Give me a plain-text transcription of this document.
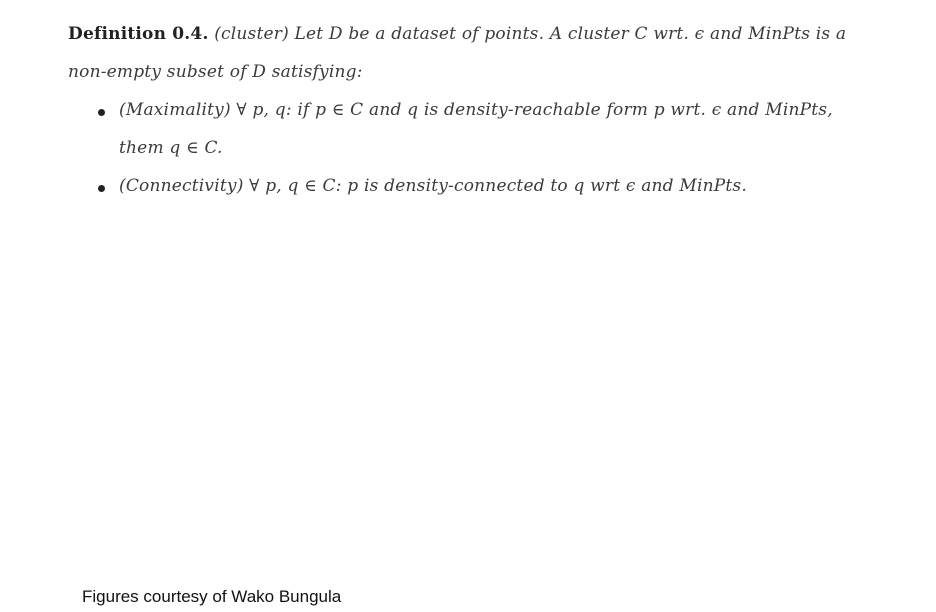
Definition 0.4. (cluster) Let D be a dataset of points. A cluster C wrt. ϵ and MinPts is a
non-empty subset of D satisfying:
(Maximality) ∀ p, q: if p ∈ C and q is density-reachable form p wrt. ϵ and MinPts,
them q ∈ C.
(Connectivity) ∀ p, q ∈ C: p is density-connected to q wrt ϵ and MinPts.
Figures courtesy of Wako Bungula
